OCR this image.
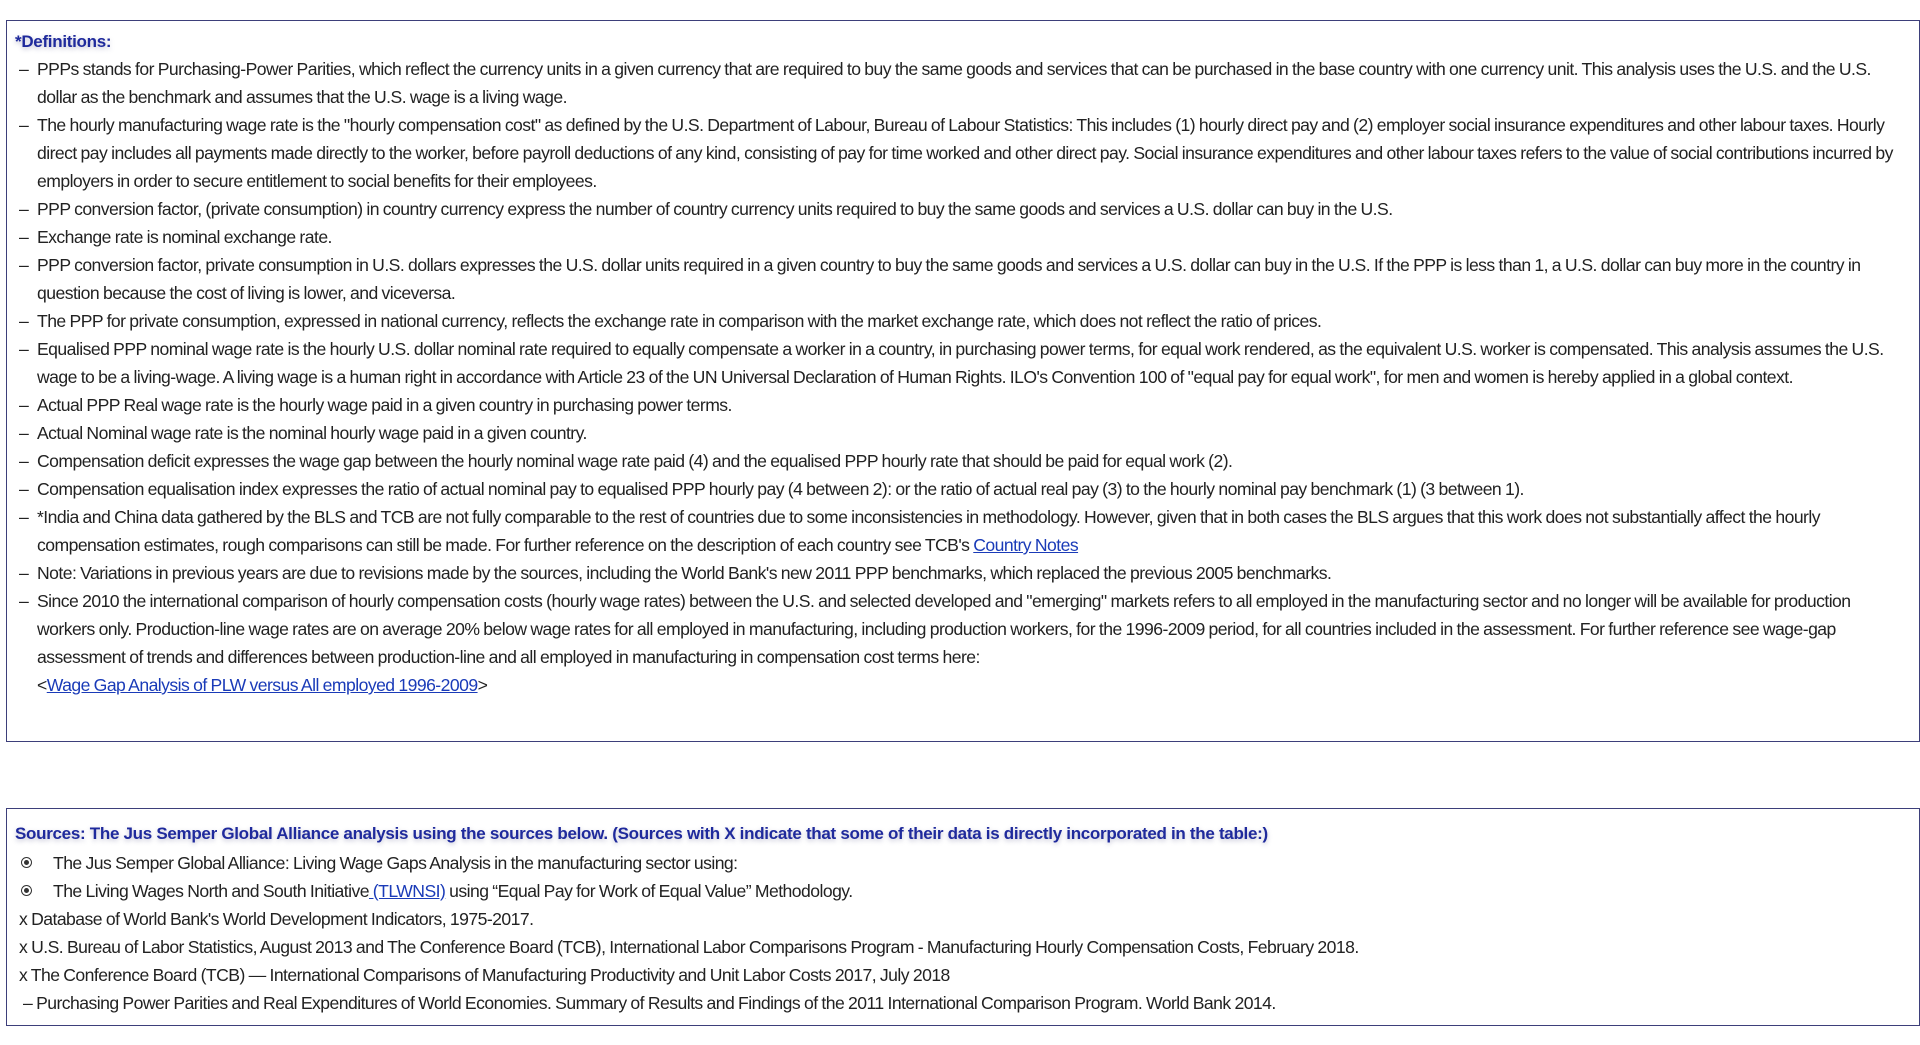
*Definitions:
– PPPs stands for Purchasing-Power Parities, which reflect the currency units in a given currency that are required to buy the same goods and services that can be purchased in the base country with one currency unit. This analysis uses the U.S. and the U.S. dollar as the benchmark and assumes that the U.S. wage is a living wage.
– The hourly manufacturing wage rate is the "hourly compensation cost" as defined by the U.S. Department of Labour, Bureau of Labour Statistics: This includes (1) hourly direct pay and (2) employer social insurance expenditures and other labour taxes. Hourly direct pay includes all payments made directly to the worker, before payroll deductions of any kind, consisting of pay for time worked and other direct pay. Social insurance expenditures and other labour taxes refers to the value of social contributions incurred by employers in order to secure entitlement to social benefits for their employees.
– PPP conversion factor, (private consumption) in country currency express the number of country currency units required to buy the same goods and services a U.S. dollar can buy in the U.S.
– Exchange rate is nominal exchange rate.
– PPP conversion factor, private consumption in U.S. dollars expresses the U.S. dollar units required in a given country to buy the same goods and services a U.S. dollar can buy in the U.S. If the PPP is less than 1, a U.S. dollar can buy more in the country in question because the cost of living is lower, and viceversa.
– The PPP for private consumption, expressed in national currency, reflects the exchange rate in comparison with the market exchange rate, which does not reflect the ratio of prices.
– Equalised PPP nominal wage rate is the hourly U.S. dollar nominal rate required to equally compensate a worker in a country, in purchasing power terms, for equal work rendered, as the equivalent U.S. worker is compensated. This analysis assumes the U.S. wage to be a living-wage. A living wage is a human right in accordance with Article 23 of the UN Universal Declaration of Human Rights. ILO's Convention 100 of "equal pay for equal work", for men and women is hereby applied in a global context.
– Actual PPP Real wage rate is the hourly wage paid in a given country in purchasing power terms.
– Actual Nominal wage rate is the nominal hourly wage paid in a given country.
– Compensation deficit expresses the wage gap between the hourly nominal wage rate paid (4) and the equalised PPP hourly rate that should be paid for equal work (2).
– Compensation equalisation index expresses the ratio of actual nominal pay to equalised PPP hourly pay (4 between 2): or the ratio of actual real pay (3) to the hourly nominal pay benchmark (1) (3 between 1).
– *India and China data gathered by the BLS and TCB are not fully comparable to the rest of countries due to some inconsistencies in methodology. However, given that in both cases the BLS argues that this work does not substantially affect the hourly compensation estimates, rough comparisons can still be made. For further reference on the description of each country see TCB's Country Notes
– Note: Variations in previous years are due to revisions made by the sources, including the World Bank's new 2011 PPP benchmarks, which replaced the previous 2005 benchmarks.
– Since 2010 the international comparison of hourly compensation costs (hourly wage rates) between the U.S. and selected developed and "emerging" markets refers to all employed in the manufacturing sector and no longer will be available for production workers only. Production-line wage rates are on average 20% below wage rates for all employed in manufacturing, including production workers, for the 1996-2009 period, for all countries included in the assessment. For further reference see wage-gap assessment of trends and differences between production-line and all employed in manufacturing in compensation cost terms here:
<Wage Gap Analysis of PLW versus All employed 1996-2009>
Sources: The Jus Semper Global Alliance analysis using the sources below. (Sources with X indicate that some of their data is directly incorporated in the table:)
The Jus Semper Global Alliance: Living Wage Gaps Analysis in the manufacturing sector using:
The Living Wages North and South Initiative (TLWNSI) using “Equal Pay for Work of Equal Value” Methodology.
x Database of World Bank's World Development Indicators, 1975-2017.
x U.S. Bureau of Labor Statistics, August 2013 and The Conference Board (TCB), International Labor Comparisons Program - Manufacturing Hourly Compensation Costs, February 2018.
x The Conference Board (TCB) — International Comparisons of Manufacturing Productivity and Unit Labor Costs 2017, July 2018
– Purchasing Power Parities and Real Expenditures of World Economies. Summary of Results and Findings of the 2011 International Comparison Program. World Bank 2014.
